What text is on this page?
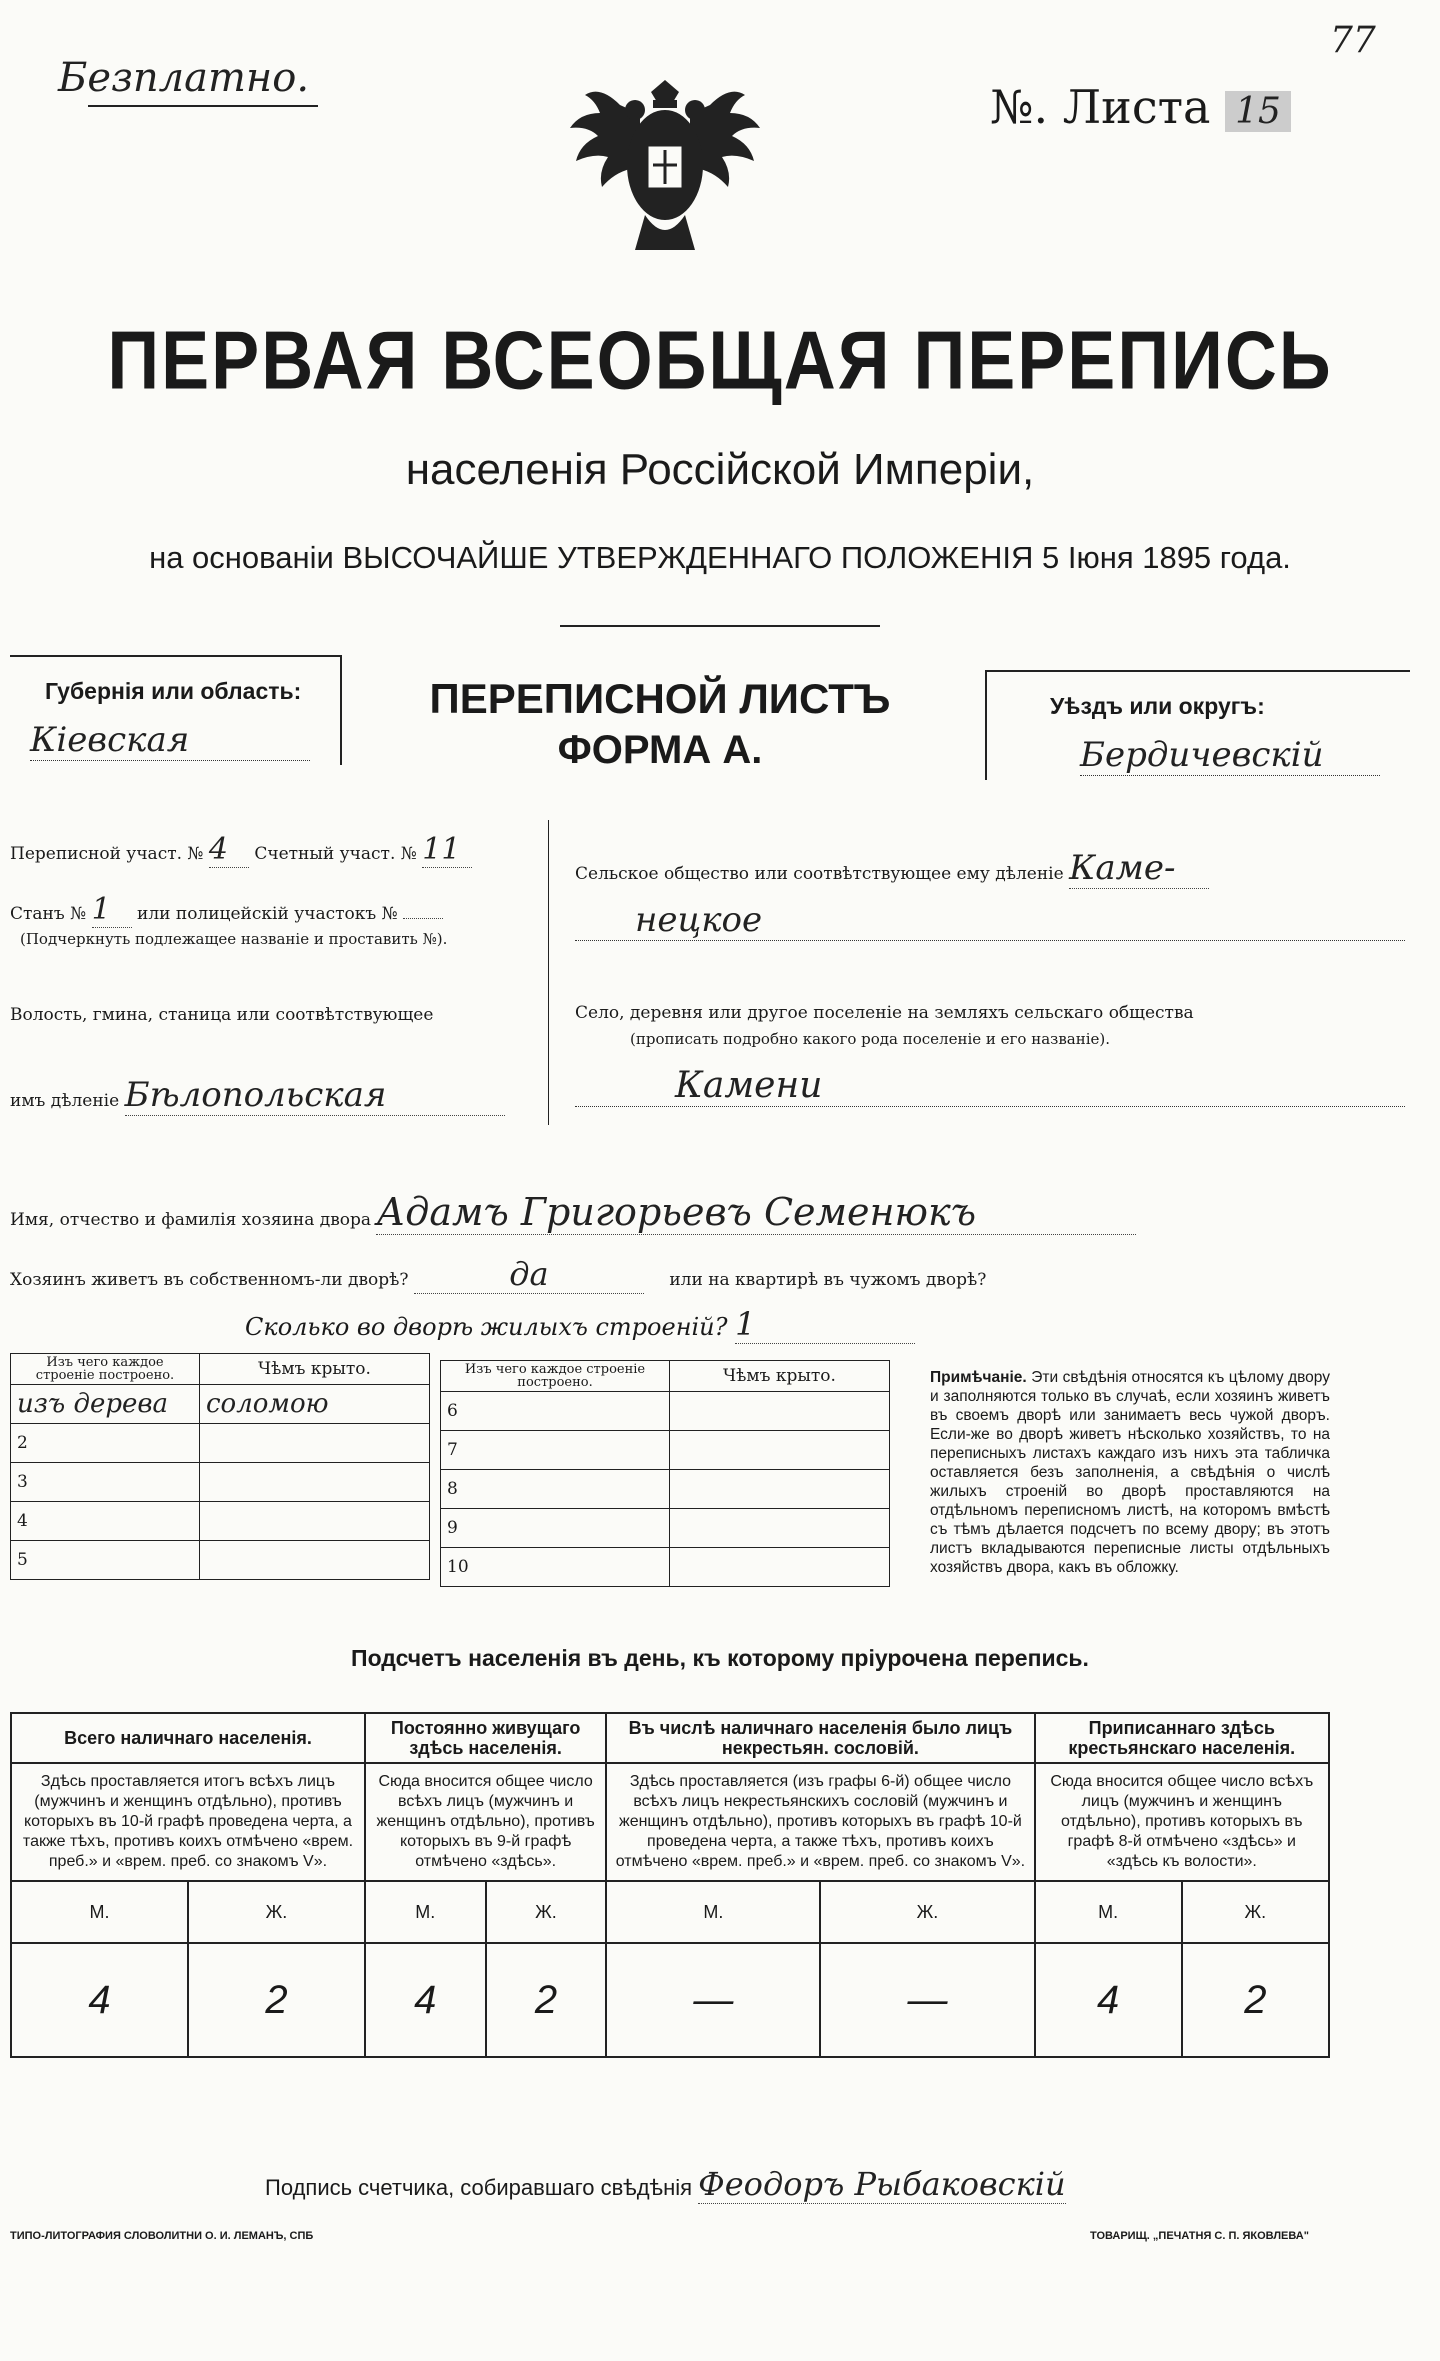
Безплатно.
№. Листа 15
77
ПЕРВАЯ ВСЕОБЩАЯ ПЕРЕПИСЬ
населенія Россійской Имперіи,
на основаніи ВЫСОЧАЙШЕ УТВЕРЖДЕННАГО ПОЛОЖЕНІЯ 5 Іюня 1895 года.
Губернія или область:
Кіевская
ПЕРЕПИСНОЙ ЛИСТЪ
ФОРМА А.
Уѣздъ или округъ:
Бердичевскій
Переписной участ. № 4 Счетный участ. № 11
Станъ № 1 или полицейскій участокъ №
(Подчеркнуть подлежащее названіе и проставить №).
Волость, гмина, станица или соотвѣтствующее
имъ дѣленіе Бѣлопольская
Сельское общество или соотвѣтствующее ему дѣленіе Каме-
нецкое
Село, деревня или другое поселеніе на земляхъ сельскаго общества
(прописать подробно какого рода поселеніе и его названіе).
Камени
Имя, отчество и фамилія хозяина двора Адамъ Григорьевъ Семенюкъ
Хозяинъ живетъ въ собственномъ-ли дворѣ?	да	или на квартирѣ въ чужомъ дворѣ?
Сколько во дворѣ жилыхъ строеній? 1
Изъ чего каждое строеніе построено.	Чѣмъ крыто.
изъ дерева	соломою
2	
3	
4	
5	
Изъ чего каждое строеніе построено.	Чѣмъ крыто.
6	
7	
8	
9	
10	
Примѣчаніе. Эти свѣдѣнія относятся къ цѣлому двору и заполняются только въ случаѣ, если хозяинъ живетъ въ своемъ дворѣ или занимаетъ весь чужой дворъ. Если-же во дворѣ живетъ нѣсколько хозяйствъ, то на переписныхъ листахъ каждаго изъ нихъ эта табличка оставляется безъ заполненія, а свѣдѣнія о числѣ жилыхъ строеній во дворѣ проставляются на отдѣльномъ переписномъ листѣ, на которомъ вмѣстѣ съ тѣмъ дѣлается подсчетъ по всему двору; въ этотъ листъ вкладываются переписные листы отдѣльныхъ хозяйствъ двора, какъ въ обложку.
Подсчетъ населенія въ день, къ которому пріурочена перепись.
Всего наличнаго населенія.		Постоянно живущаго здѣсь населенія.		Въ числѣ наличнаго населенія было лицъ некрестьян. сословій.		Приписаннаго здѣсь крестьянскаго населенія.	
Здѣсь проставляется итогъ всѣхъ лицъ (мужчинъ и женщинъ отдѣльно), противъ которыхъ въ 10-й графѣ проведена черта, а также тѣхъ, противъ коихъ отмѣчено «врем. преб.» и «врем. преб. со знакомъ V».		Сюда вносится общее число всѣхъ лицъ (мужчинъ и женщинъ отдѣльно), противъ которыхъ въ 9-й графѣ отмѣчено «здѣсь».		Здѣсь проставляется (изъ графы 6-й) общее число всѣхъ лицъ некрестьянскихъ сословій (мужчинъ и женщинъ отдѣльно), противъ которыхъ въ графѣ 10-й проведена черта, а также тѣхъ, противъ коихъ отмѣчено «врем. преб.» и «врем. преб. со знакомъ V».		Сюда вносится общее число всѣхъ лицъ (мужчинъ и женщинъ отдѣльно), противъ которыхъ въ графѣ 8-й отмѣчено «здѣсь» и «здѣсь къ волости».	
М.	Ж.	М.	Ж.	М.	Ж.	М.	Ж.
4	2	4	2	—	—	4	2
Подпись счетчика, собиравшаго свѣдѣнія Феодоръ Рыбаковскій
ТИПО-ЛИТОГРАФИЯ СЛОВОЛИТНИ О. И. ЛЕМАНЪ, СПБ	ТОВАРИЩ. „ПЕЧАТНЯ С. П. ЯКОВЛЕВА"
